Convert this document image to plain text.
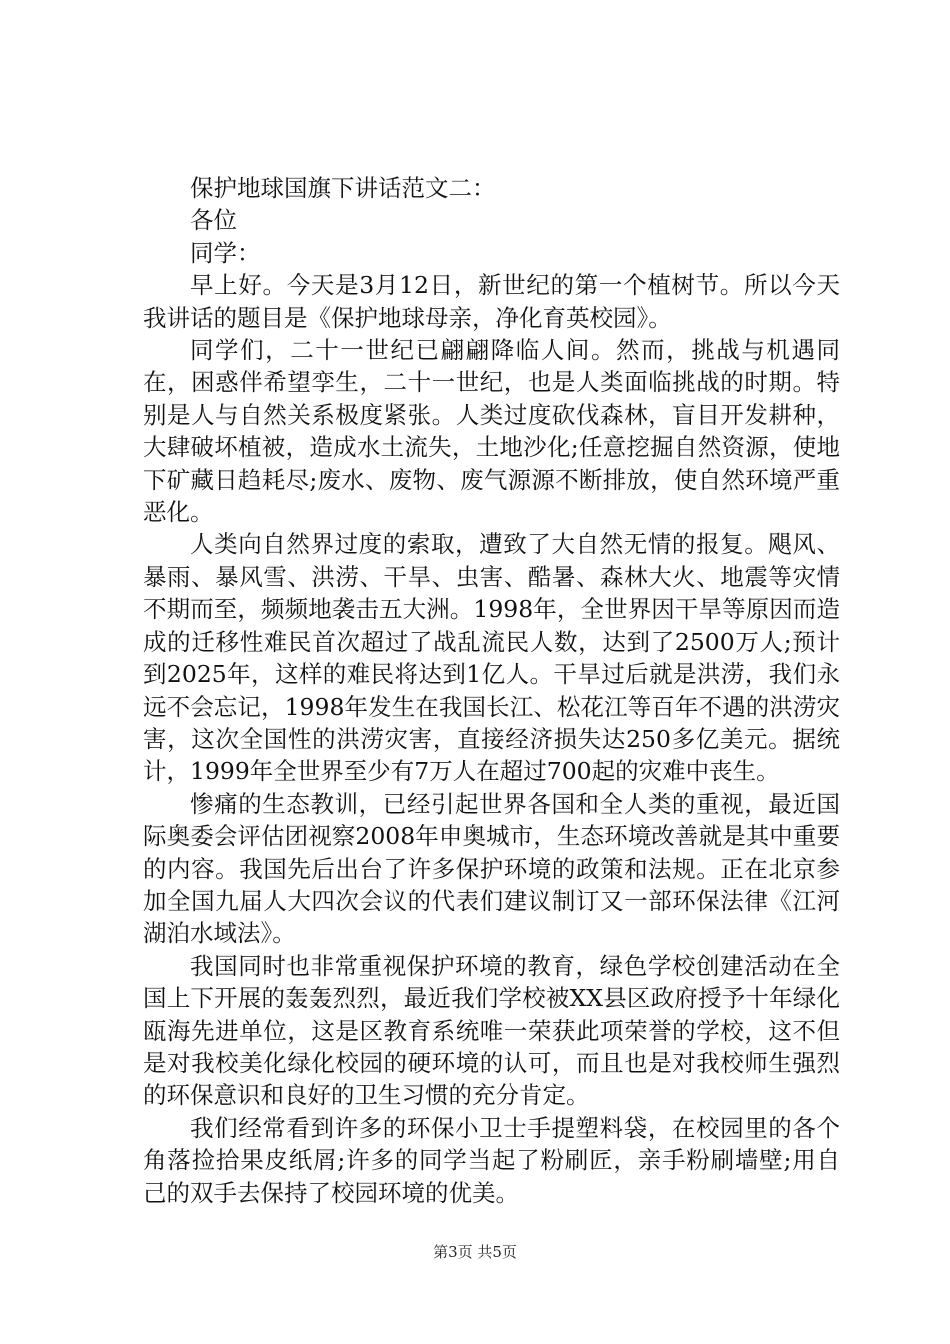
保护地球国旗下讲话范文二：

各位

同学：

早上好。今天是3月12日，新世纪的第一个植树节。所以今天我讲话的题目是《保护地球母亲，净化育英校园》。

同学们，二十一世纪已翩翩降临人间。然而，挑战与机遇同在，困惑伴希望孪生，二十一世纪，也是人类面临挑战的时期。特别是人与自然关系极度紧张。人类过度砍伐森林，盲目开发耕种，大肆破坏植被，造成水土流失，土地沙化;任意挖掘自然资源，使地下矿藏日趋耗尽;废水、废物、废气源源不断排放，使自然环境严重恶化。

人类向自然界过度的索取，遭致了大自然无情的报复。飓风、暴雨、暴风雪、洪涝、干旱、虫害、酷暑、森林大火、地震等灾情不期而至，频频地袭击五大洲。1998年，全世界因干旱等原因而造成的迁移性难民首次超过了战乱流民人数，达到了2500万人;预计到2025年，这样的难民将达到1亿人。干旱过后就是洪涝，我们永远不会忘记，1998年发生在我国长江、松花江等百年不遇的洪涝灾害，这次全国性的洪涝灾害，直接经济损失达250多亿美元。据统计，1999年全世界至少有7万人在超过700起的灾难中丧生。

惨痛的生态教训，已经引起世界各国和全人类的重视，最近国际奥委会评估团视察2008年申奥城市，生态环境改善就是其中重要的内容。我国先后出台了许多保护环境的政策和法规。正在北京参加全国九届人大四次会议的代表们建议制订又一部环保法律《江河湖泊水域法》。

我国同时也非常重视保护环境的教育，绿色学校创建活动在全国上下开展的轰轰烈烈，最近我们学校被XX县区政府授予十年绿化瓯海先进单位，这是区教育系统唯一荣获此项荣誉的学校，这不但是对我校美化绿化校园的硬环境的认可，而且也是对我校师生强烈的环保意识和良好的卫生习惯的充分肯定。

我们经常看到许多的环保小卫士手提塑料袋，在校园里的各个角落捡拾果皮纸屑;许多的同学当起了粉刷匠，亲手粉刷墙壁;用自己的双手去保持了校园环境的优美。

第3页 共5页
